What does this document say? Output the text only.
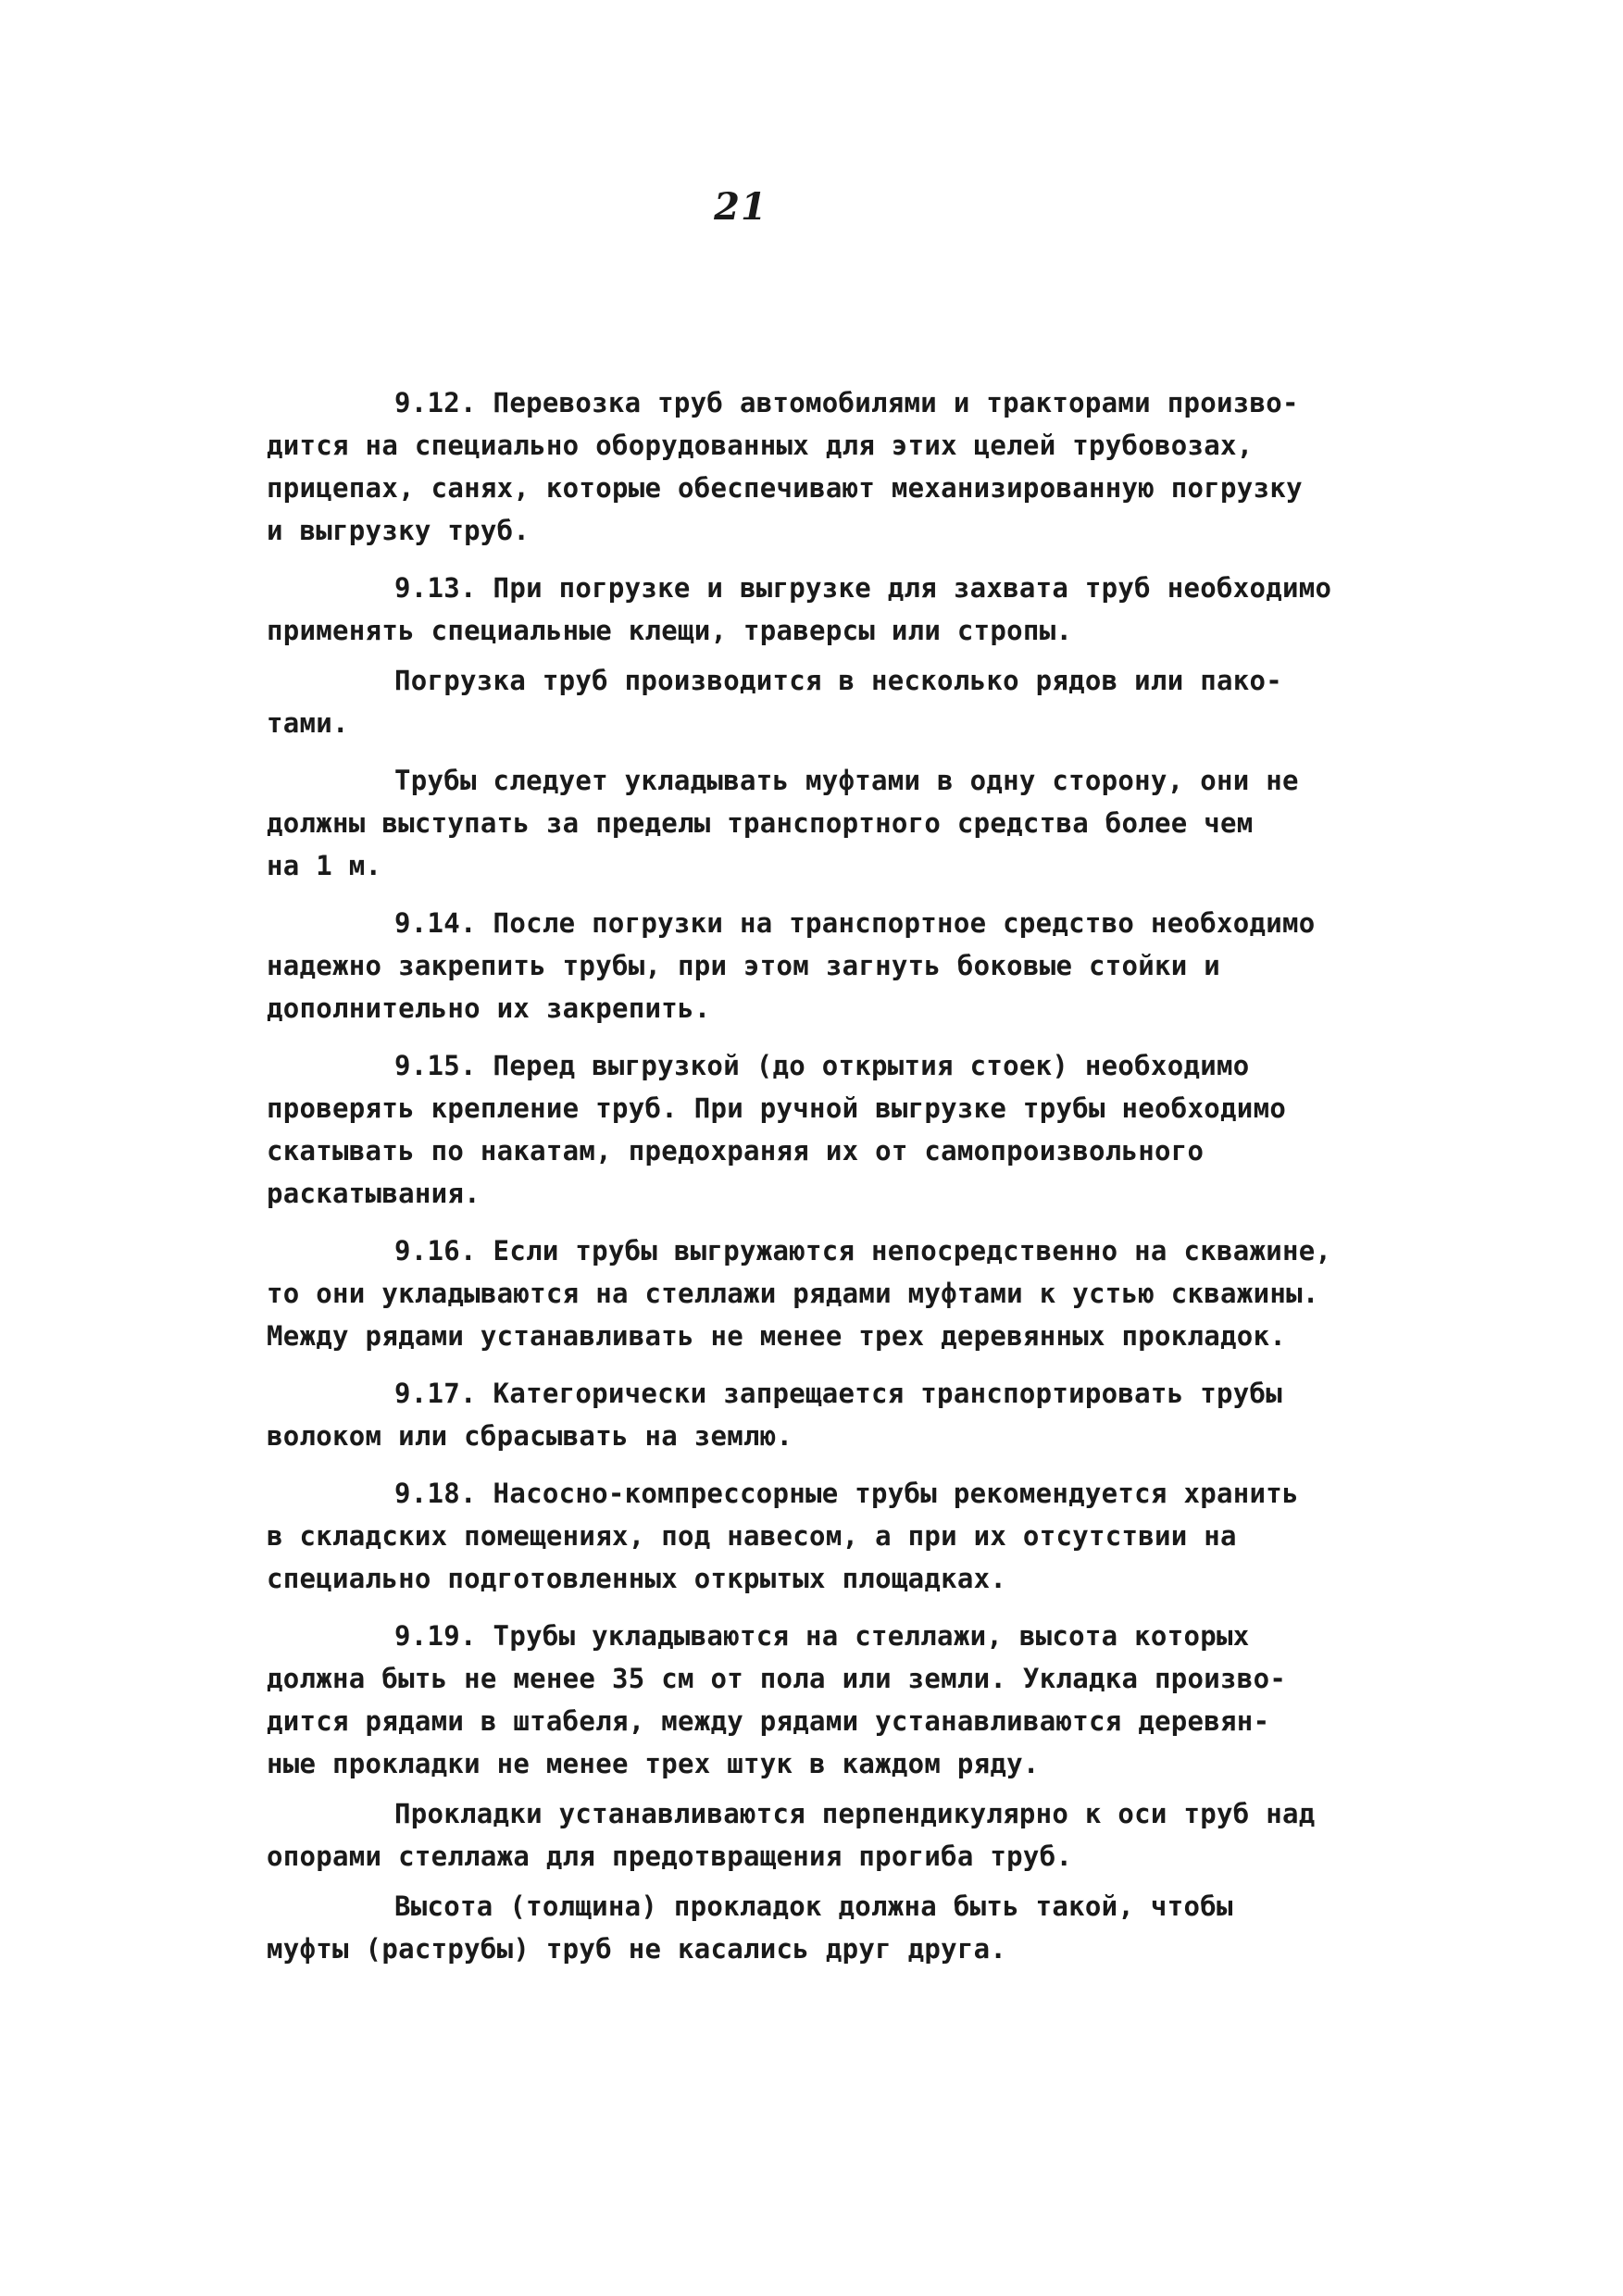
21
9.12. Перевозка труб автомобилями и тракторами произво-
дится на специально оборудованных для этих целей трубовозах,
прицепах, санях, которые обеспечивают механизированную погрузку
и выгрузку труб.
9.13. При погрузке и выгрузке для захвата труб необходимо
применять специальные клещи, траверсы или стропы.
Погрузка труб производится в несколько рядов или пако-
тами.
Трубы следует укладывать муфтами в одну сторону, они не
должны выступать за пределы транспортного средства более чем
на 1 м.
9.14. После погрузки на транспортное средство необходимо
надежно закрепить трубы, при этом загнуть боковые стойки и
дополнительно их закрепить.
9.15. Перед выгрузкой (до открытия стоек) необходимо
проверять крепление труб. При ручной выгрузке трубы необходимо
скатывать по накатам, предохраняя их от самопроизвольного
раскатывания.
9.16. Если трубы выгружаются непосредственно на скважине,
то они укладываются на стеллажи рядами муфтами к устью скважины.
Между рядами устанавливать не менее трех деревянных прокладок.
9.17. Категорически запрещается транспортировать трубы
волоком или сбрасывать на землю.
9.18. Насосно-компрессорные трубы рекомендуется хранить
в складских помещениях, под навесом, а при их отсутствии на
специально подготовленных открытых площадках.
9.19. Трубы укладываются на стеллажи, высота которых
должна быть не менее 35 см от пола или земли. Укладка произво-
дится рядами в штабеля, между рядами устанавливаются деревян-
ные прокладки не менее трех штук в каждом ряду.
Прокладки устанавливаются перпендикулярно к оси труб над
опорами стеллажа для предотвращения прогиба труб.
Высота (толщина) прокладок должна быть такой, чтобы
муфты (раструбы) труб не касались друг друга.
